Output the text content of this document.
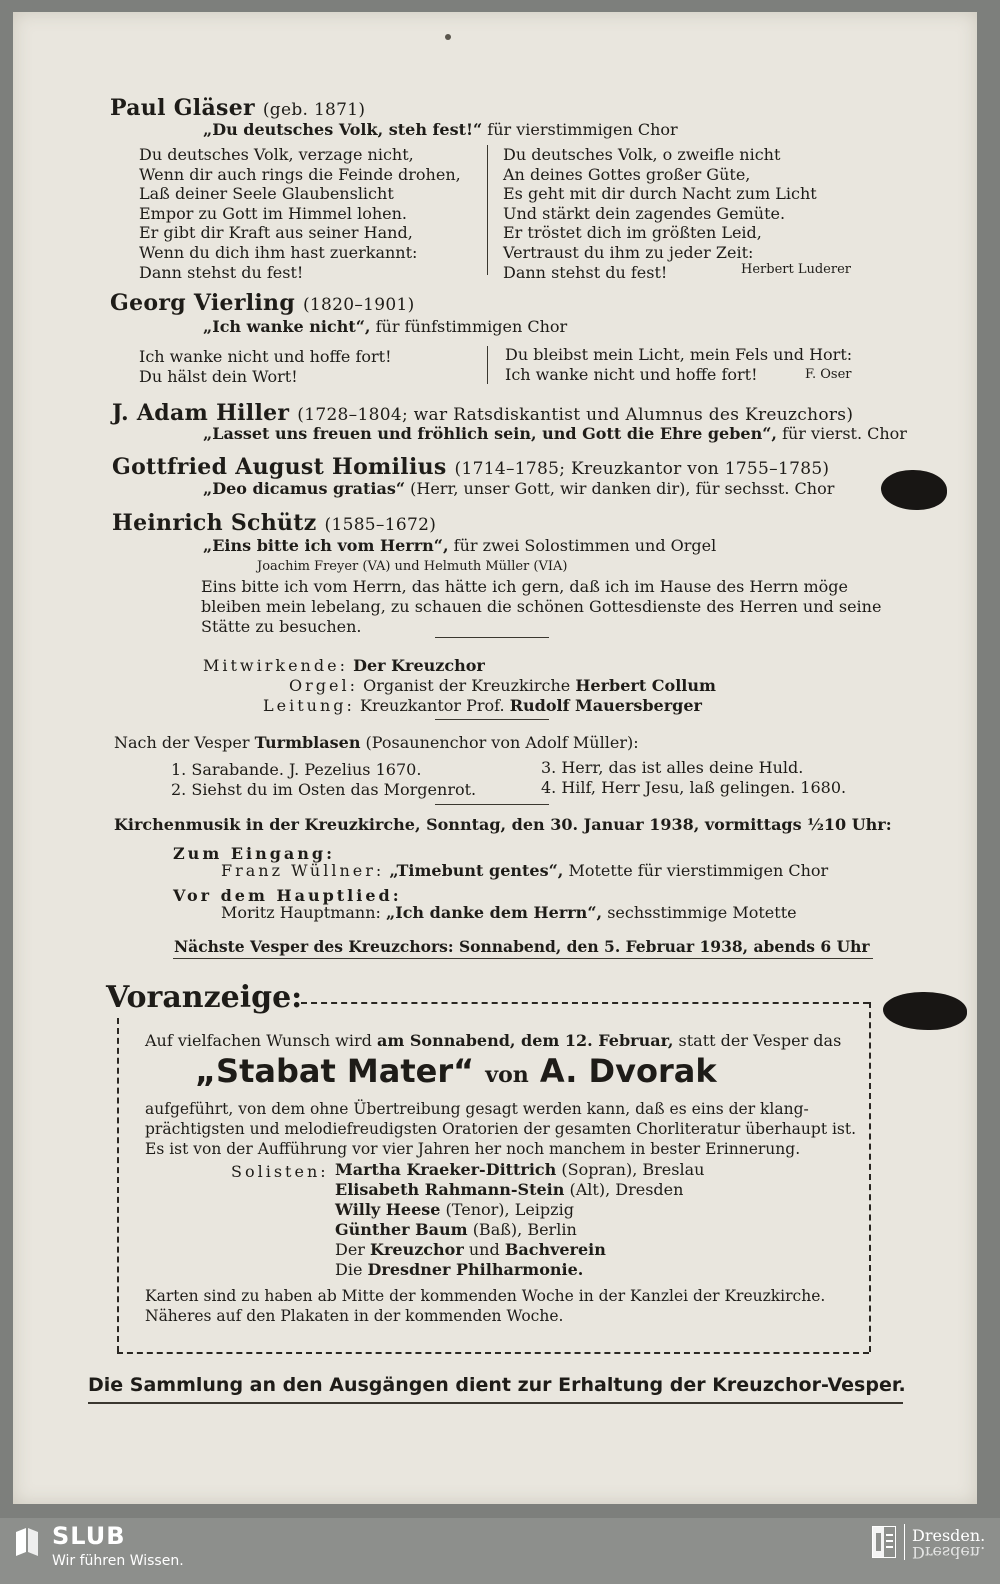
Paul Gläser (geb. 1871)
„Du deutsches Volk, steh fest!“ für vierstimmigen Chor
Du deutsches Volk, verzage nicht,
Wenn dir auch rings die Feinde drohen,
Laß deiner Seele Glaubenslicht
Empor zu Gott im Himmel lohen.
Er gibt dir Kraft aus seiner Hand,
Wenn du dich ihm hast zuerkannt:
Dann stehst du fest!
Du deutsches Volk, o zweifle nicht
An deines Gottes großer Güte,
Es geht mit dir durch Nacht zum Licht
Und stärkt dein zagendes Gemüte.
Er tröstet dich im größten Leid,
Vertraust du ihm zu jeder Zeit:
Dann stehst du fest!	Herbert Luderer
Georg Vierling (1820–1901)
„Ich wanke nicht“, für fünfstimmigen Chor
Ich wanke nicht und hoffe fort!
Du hälst dein Wort!
Du bleibst mein Licht, mein Fels und Hort:
Ich wanke nicht und hoffe fort!	F. Oser
J. Adam Hiller (1728–1804; war Ratsdiskantist und Alumnus des Kreuzchors)
„Lasset uns freuen und fröhlich sein, und Gott die Ehre geben“, für vierst. Chor
Gottfried August Homilius (1714–1785; Kreuzkantor von 1755–1785)
„Deo dicamus gratias“ (Herr, unser Gott, wir danken dir), für sechsst. Chor
Heinrich Schütz (1585–1672)
„Eins bitte ich vom Herrn“, für zwei Solostimmen und Orgel
Joachim Freyer (VA) und Helmuth Müller (VIA)
Eins bitte ich vom Herrn, das hätte ich gern, daß ich im Hause des Herrn möge
bleiben mein lebelang, zu schauen die schönen Gottesdienste des Herren und seine
Stätte zu besuchen.
Mitwirkende: Der Kreuzchor
Orgel: Organist der Kreuzkirche Herbert Collum
Leitung: Kreuzkantor Prof. Rudolf Mauersberger
Nach der Vesper Turmblasen (Posaunenchor von Adolf Müller):
1. Sarabande. J. Pezelius 1670.
2. Siehst du im Osten das Morgenrot.
3. Herr, das ist alles deine Huld.
4. Hilf, Herr Jesu, laß gelingen. 1680.
Kirchenmusik in der Kreuzkirche, Sonntag, den 30. Januar 1938, vormittags ½10 Uhr:
Zum Eingang:
Franz Wüllner: „Timebunt gentes“, Motette für vierstimmigen Chor
Vor dem Hauptlied:
Moritz Hauptmann: „Ich danke dem Herrn“, sechsstimmige Motette
Nächste Vesper des Kreuzchors: Sonnabend, den 5. Februar 1938, abends 6 Uhr
Voranzeige:
Auf vielfachen Wunsch wird am Sonnabend, dem 12. Februar, statt der Vesper das
„Stabat Mater“ von A. Dvorak
aufgeführt, von dem ohne Übertreibung gesagt werden kann, daß es eins der klang-
prächtigsten und melodiefreudigsten Oratorien der gesamten Chorliteratur überhaupt ist.
Es ist von der Aufführung vor vier Jahren her noch manchem in bester Erinnerung.
Solisten: Martha Kraeker-Dittrich (Sopran), Breslau
Elisabeth Rahmann-Stein (Alt), Dresden
Willy Heese (Tenor), Leipzig
Günther Baum (Baß), Berlin
Der Kreuzchor und Bachverein
Die Dresdner Philharmonie.
Karten sind zu haben ab Mitte der kommenden Woche in der Kanzlei der Kreuzkirche.
Näheres auf den Plakaten in der kommenden Woche.
Die Sammlung an den Ausgängen dient zur Erhaltung der Kreuzchor-Vesper.
SLUB
Wir führen Wissen.
Dresden.
Dresden.
